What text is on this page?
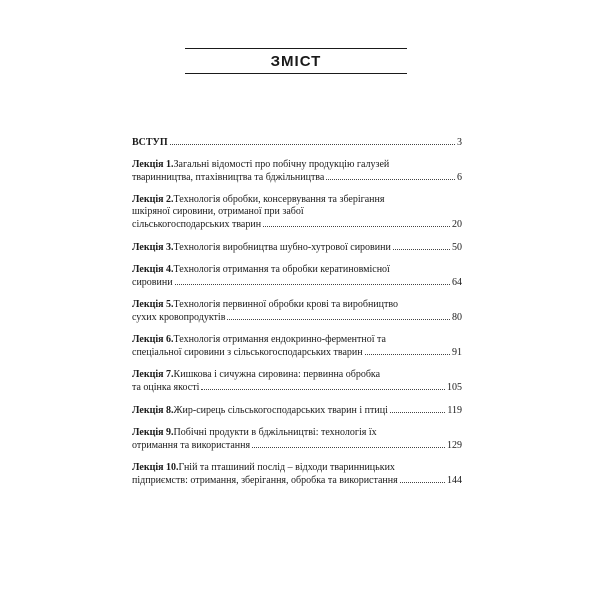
ЗМІСТ
ВСТУП	3
Лекція 1. Загальні відомості про побічну продукцію галузей
тваринництва, птахівництва та бджільництва	6
Лекція 2. Технологія обробки, консервування та зберігання
шкіряної сировини, отриманої при забої
сільськогосподарських тварин	20
Лекція 3. Технологія виробництва шубно-хутрової сировини	50
Лекція 4. Технологія отримання та обробки кератиновмісної
сировини	64
Лекція 5. Технологія первинної обробки крові та виробництво
сухих кровопродуктів	80
Лекція 6. Технологія отримання ендокринно-ферментної та
спеціальної сировини з сільськогосподарських тварин	91
Лекція 7. Кишкова і сичужна сировина: первинна обробка
та оцінка якості	105
Лекція 8. Жир-сирець сільськогосподарських тварин і птиці	119
Лекція 9. Побічні продукти в бджільництві: технологія їх
отримання та використання	129
Лекція 10. Гній та пташиний послід – відходи тваринницьких
підприємств: отримання, зберігання, обробка та використання	144
